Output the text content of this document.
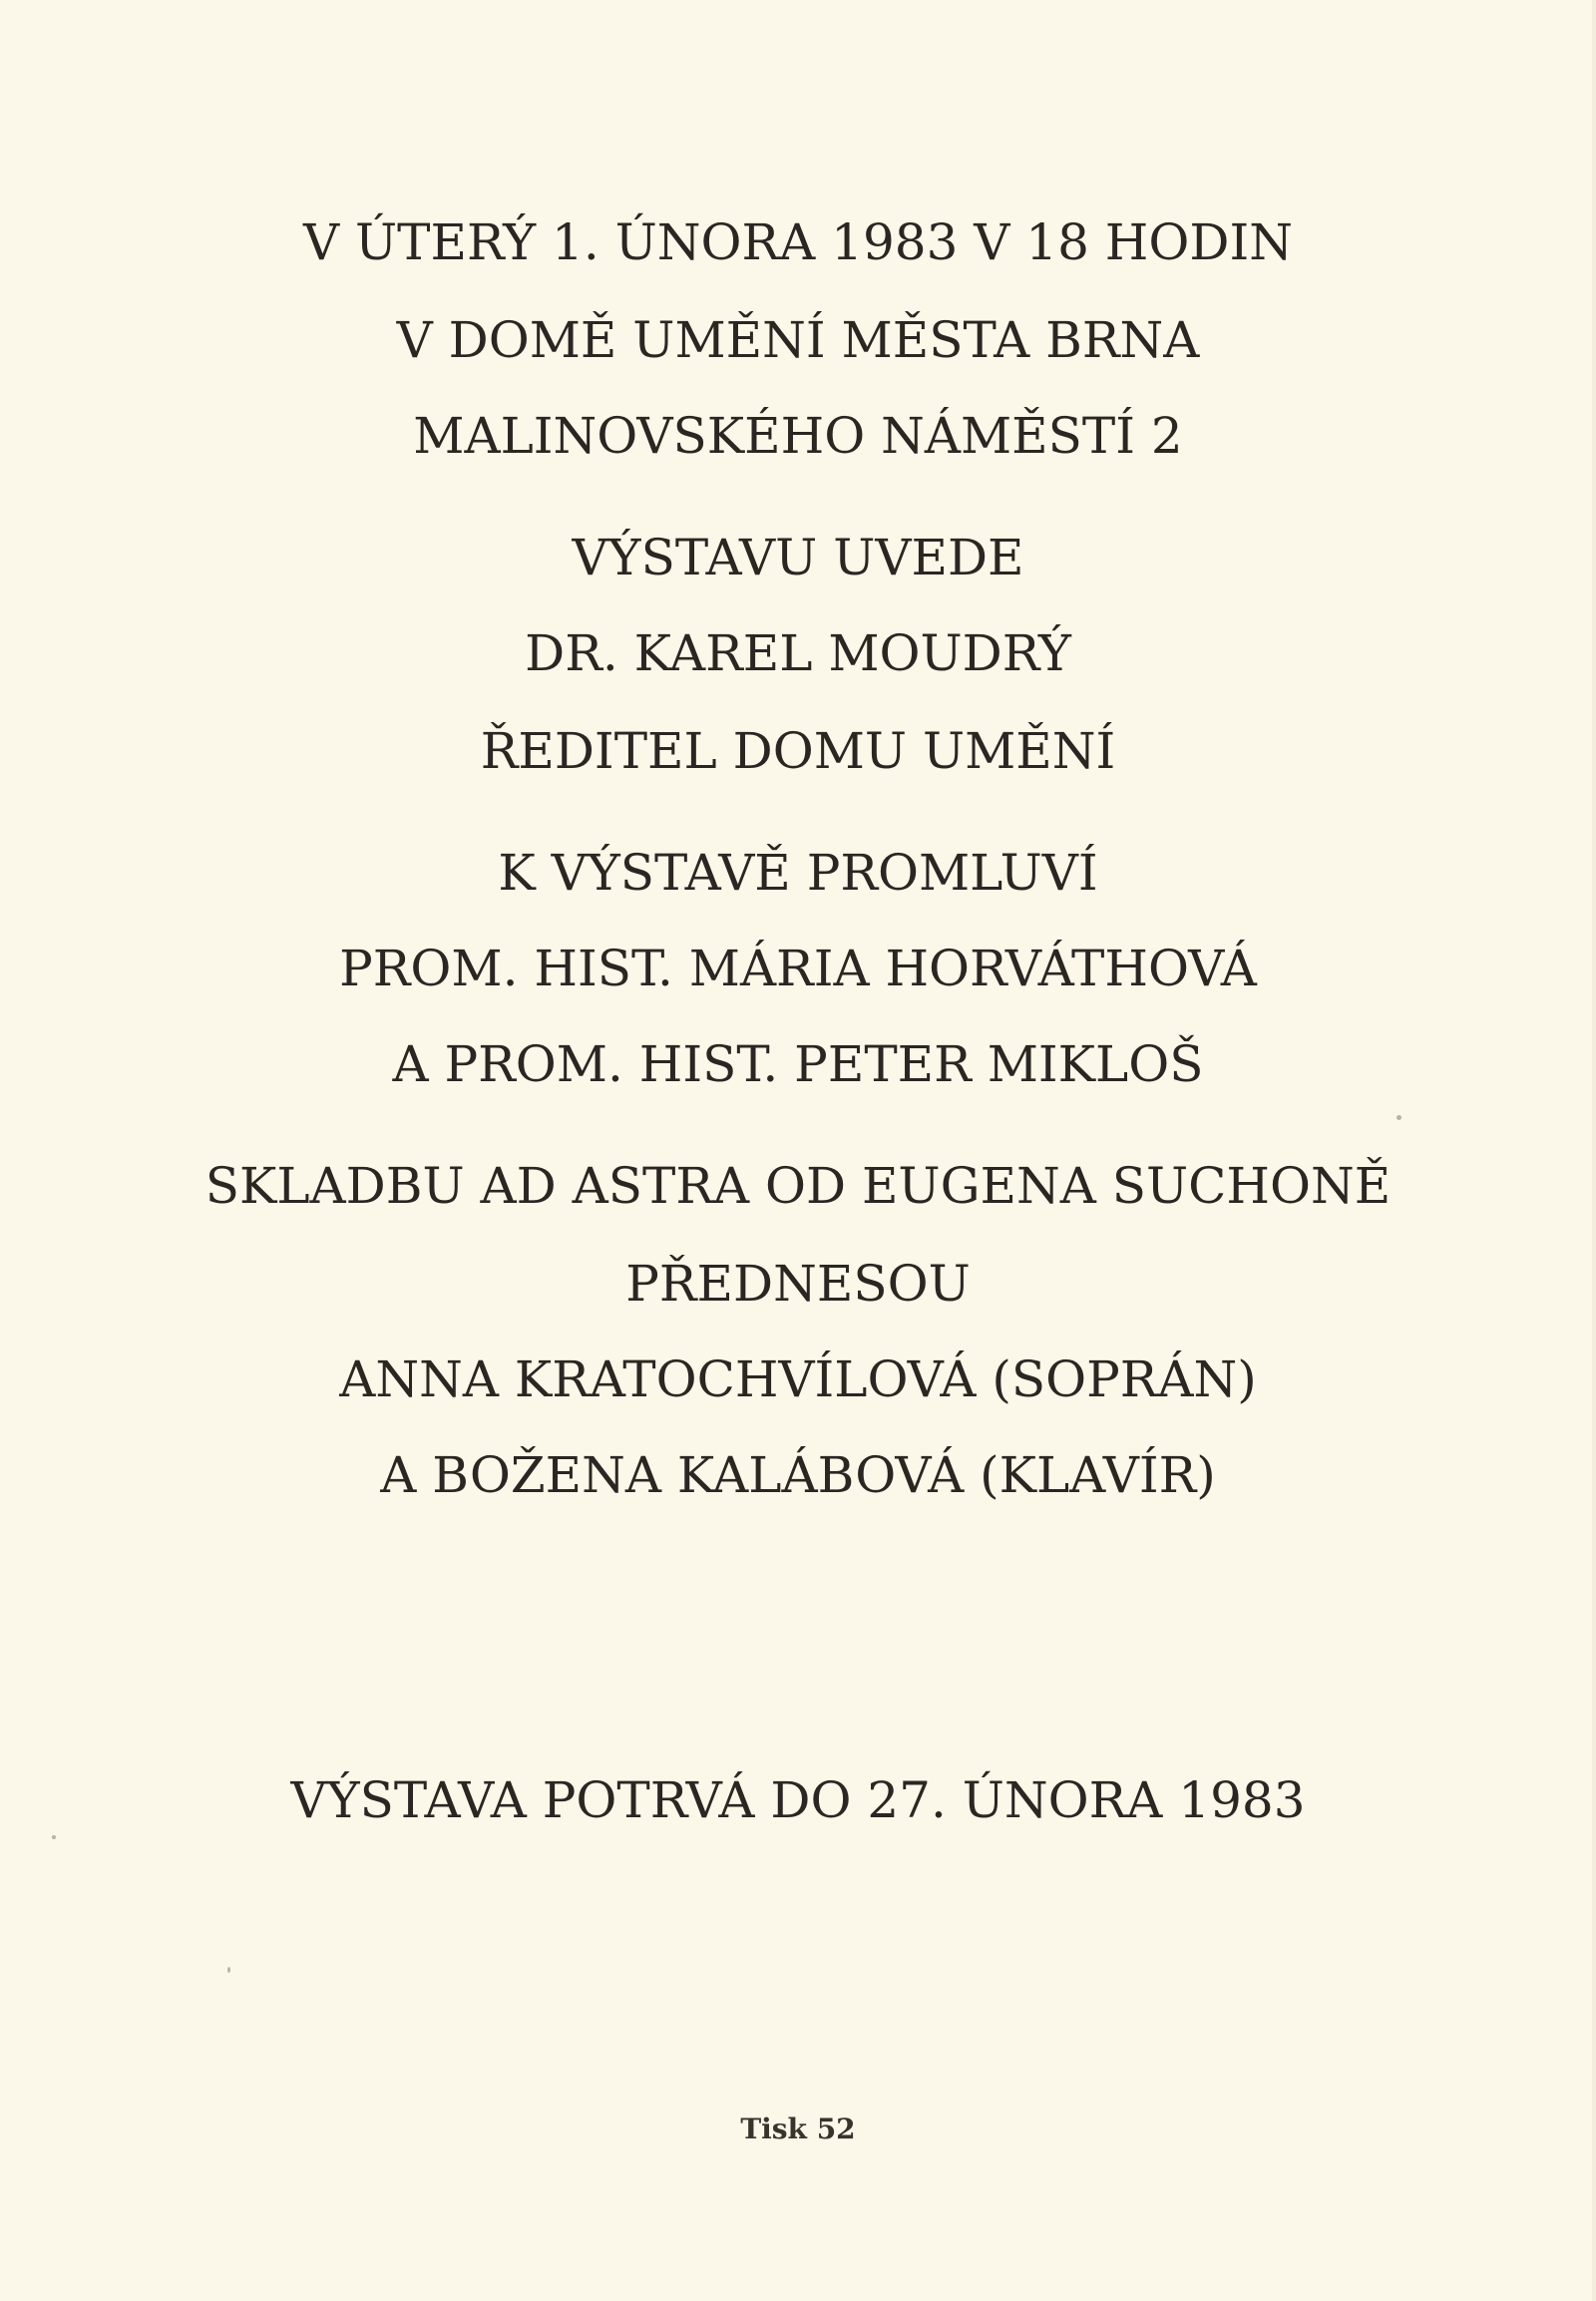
V ÚTERÝ 1. ÚNORA 1983 V 18 HODIN
V DOMĚ UMĚNÍ MĚSTA BRNA
MALINOVSKÉHO NÁMĚSTÍ 2
VÝSTAVU UVEDE
DR. KAREL MOUDRÝ
ŘEDITEL DOMU UMĚNÍ
K VÝSTAVĚ PROMLUVÍ
PROM. HIST. MÁRIA HORVÁTHOVÁ
A PROM. HIST. PETER MIKLOŠ
SKLADBU AD ASTRA OD EUGENA SUCHONĚ
PŘEDNESOU
ANNA KRATOCHVÍLOVÁ (SOPRÁN)
A BOŽENA KALÁBOVÁ (KLAVÍR)
VÝSTAVA POTRVÁ DO 27. ÚNORA 1983
Tisk 52
